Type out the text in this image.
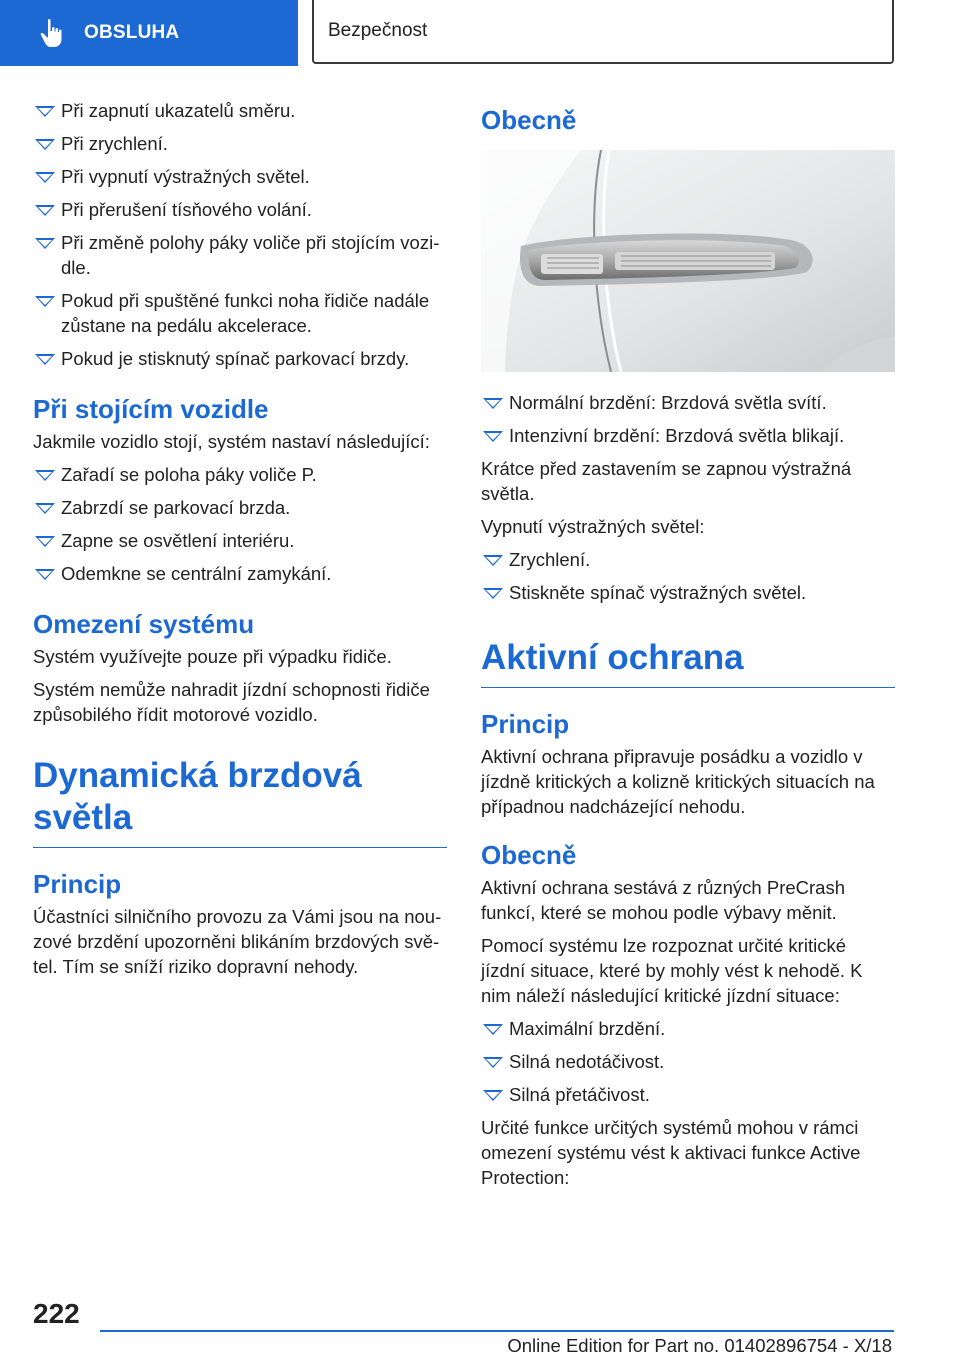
OBSLUHA	Bezpečnost
Při zapnutí ukazatelů směru.
Při zrychlení.
Při vypnutí výstražných světel.
Při přerušení tísňového volání.
Při změně polohy páky voliče při stojícím vozi‐dle.
Pokud při spuštěné funkci noha řidiče nadále zůstane na pedálu akcelerace.
Pokud je stisknutý spínač parkovací brzdy.
Při stojícím vozidle

Jakmile vozidlo stojí, systém nastaví následující:

Zařadí se poloha páky voliče P.
Zabrzdí se parkovací brzda.
Zapne se osvětlení interiéru.
Odemkne se centrální zamykání.
Omezení systému

Systém využívejte pouze při výpadku řidiče.

Systém nemůže nahradit jízdní schopnosti řidiče způsobilého řídit motorové vozidlo.

Dynamická brzdová světla
Princip

Účastníci silničního provozu za Vámi jsou na nou‐zové brzdění upozorněni blikáním brzdových svě‐tel. Tím se sníží riziko dopravní nehody.

Obecně
Normální brzdění: Brzdová světla svítí.
Intenzivní brzdění: Brzdová světla blikají.

Krátce před zastavením se zapnou výstražná světla.

Vypnutí výstražných světel:

Zrychlení.
Stiskněte spínač výstražných světel.
Aktivní ochrana
Princip

Aktivní ochrana připravuje posádku a vozidlo v jízdně kritických a kolizně kritických situacích na případnou nadcházející nehodu.

Obecně

Aktivní ochrana sestává z různých PreCrash funkcí, které se mohou podle výbavy měnit.

Pomocí systému lze rozpoznat určité kritické jízdní situace, které by mohly vést k nehodě. K nim náleží následující kritické jízdní situace:

Maximální brzdění.
Silná nedotáčivost.
Silná přetáčivost.

Určité funkce určitých systémů mohou v rámci omezení systému vést k aktivaci funkce Active Protection:

222
Online Edition for Part no. 01402896754 - X/18
